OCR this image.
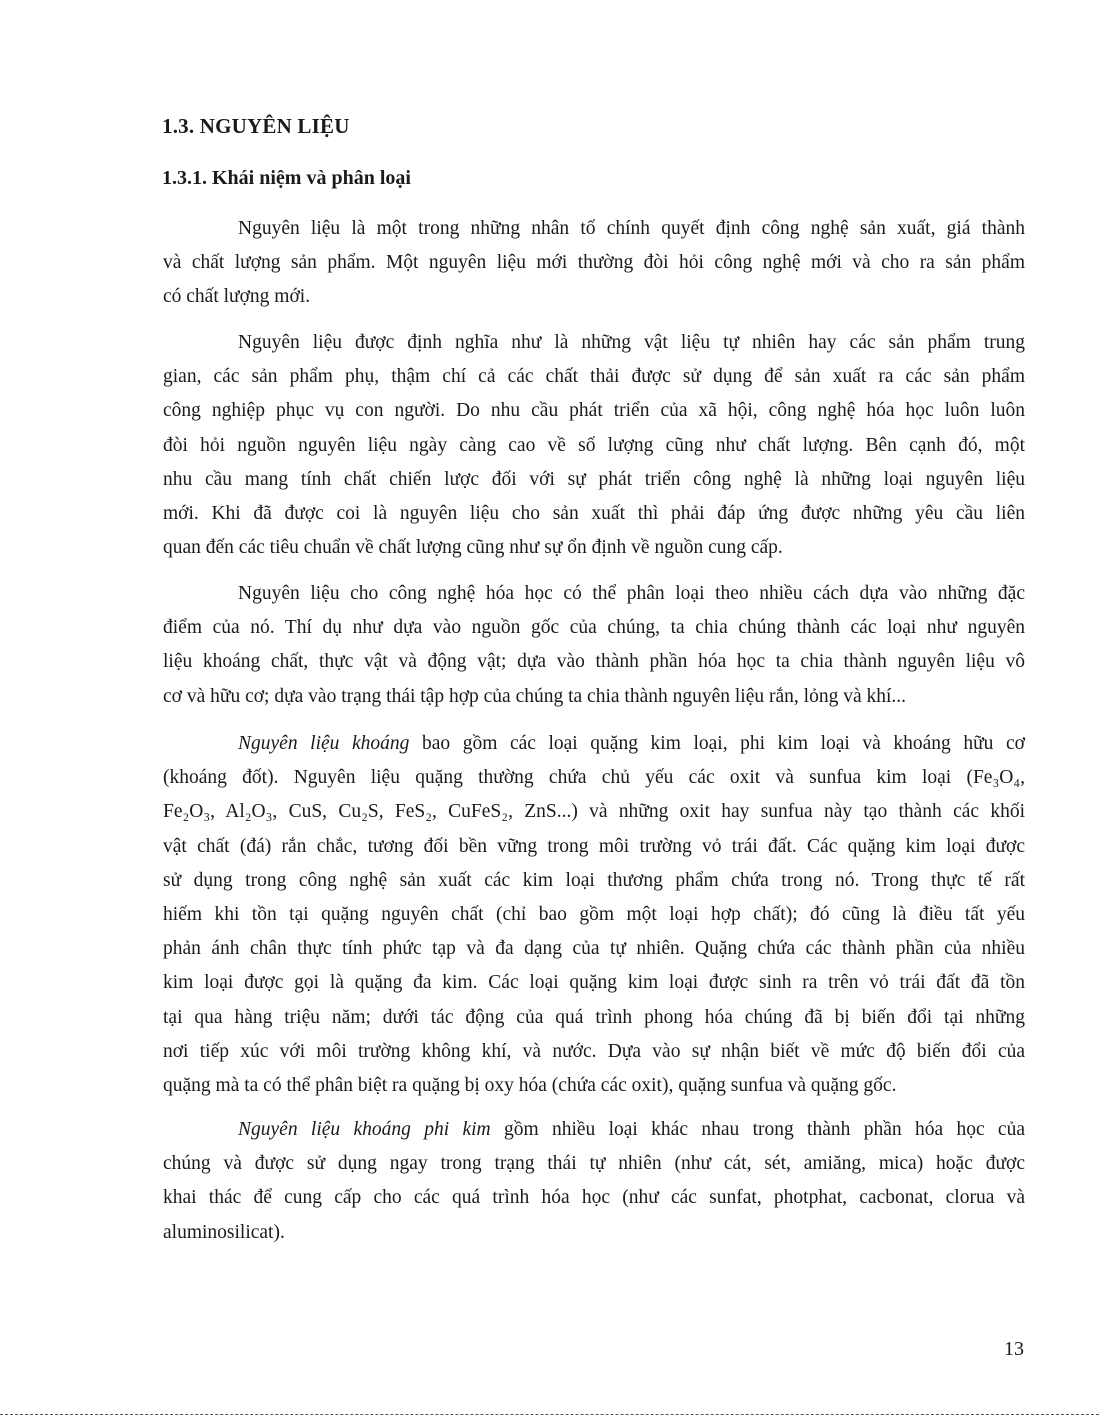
1.3. NGUYÊN LIỆU
1.3.1. Khái niệm và phân loại

Nguyên liệu là một trong những nhân tố chính quyết định công nghệ sản xuất, giá thành
và chất lượng sản phẩm. Một nguyên liệu mới thường đòi hỏi công nghệ mới và cho ra sản phẩm
có chất lượng mới.

Nguyên liệu được định nghĩa như là những vật liệu tự nhiên hay các sản phẩm trung
gian, các sản phẩm phụ, thậm chí cả các chất thải được sử dụng để sản xuất ra các sản phẩm
công nghiệp phục vụ con người. Do nhu cầu phát triển của xã hội, công nghệ hóa học luôn luôn
đòi hỏi nguồn nguyên liệu ngày càng cao về số lượng cũng như chất lượng. Bên cạnh đó, một
nhu cầu mang tính chất chiến lược đối với sự phát triển công nghệ là những loại nguyên liệu
mới. Khi đã được coi là nguyên liệu cho sản xuất thì phải đáp ứng được những yêu cầu liên
quan đến các tiêu chuẩn về chất lượng cũng như sự ổn định về nguồn cung cấp.

Nguyên liệu cho công nghệ hóa học có thể phân loại theo nhiều cách dựa vào những đặc
điểm của nó. Thí dụ như dựa vào nguồn gốc của chúng, ta chia chúng thành các loại như nguyên
liệu khoáng chất, thực vật và động vật; dựa vào thành phần hóa học ta chia thành nguyên liệu vô
cơ và hữu cơ; dựa vào trạng thái tập hợp của chúng ta chia thành nguyên liệu rắn, lỏng và khí...

Nguyên liệu khoáng bao gồm các loại quặng kim loại, phi kim loại và khoáng hữu cơ
(khoáng đốt). Nguyên liệu quặng thường chứa chủ yếu các oxit và sunfua kim loại (Fe₃O₄,
Fe₂O₃, Al₂O₃, CuS, Cu₂S, FeS₂, CuFeS₂, ZnS...) và những oxit hay sunfua này tạo thành các khối
vật chất (đá) rắn chắc, tương đối bền vững trong môi trường vỏ trái đất. Các quặng kim loại được
sử dụng trong công nghệ sản xuất các kim loại thương phẩm chứa trong nó. Trong thực tế rất
hiếm khi tồn tại quặng nguyên chất (chỉ bao gồm một loại hợp chất); đó cũng là điều tất yếu
phản ánh chân thực tính phức tạp và đa dạng của tự nhiên. Quặng chứa các thành phần của nhiều
kim loại được gọi là quặng đa kim. Các loại quặng kim loại được sinh ra trên vỏ trái đất đã tồn
tại qua hàng triệu năm; dưới tác động của quá trình phong hóa chúng đã bị biến đổi tại những
nơi tiếp xúc với môi trường không khí, và nước. Dựa vào sự nhận biết về mức độ biến đổi của
quặng mà ta có thể phân biệt ra quặng bị oxy hóa (chứa các oxit), quặng sunfua và quặng gốc.

Nguyên liệu khoáng phi kim gồm nhiều loại khác nhau trong thành phần hóa học của
chúng và được sử dụng ngay trong trạng thái tự nhiên (như cát, sét, amiăng, mica) hoặc được
khai thác để cung cấp cho các quá trình hóa học (như các sunfat, photphat, cacbonat, clorua và
aluminosilicat).

13
